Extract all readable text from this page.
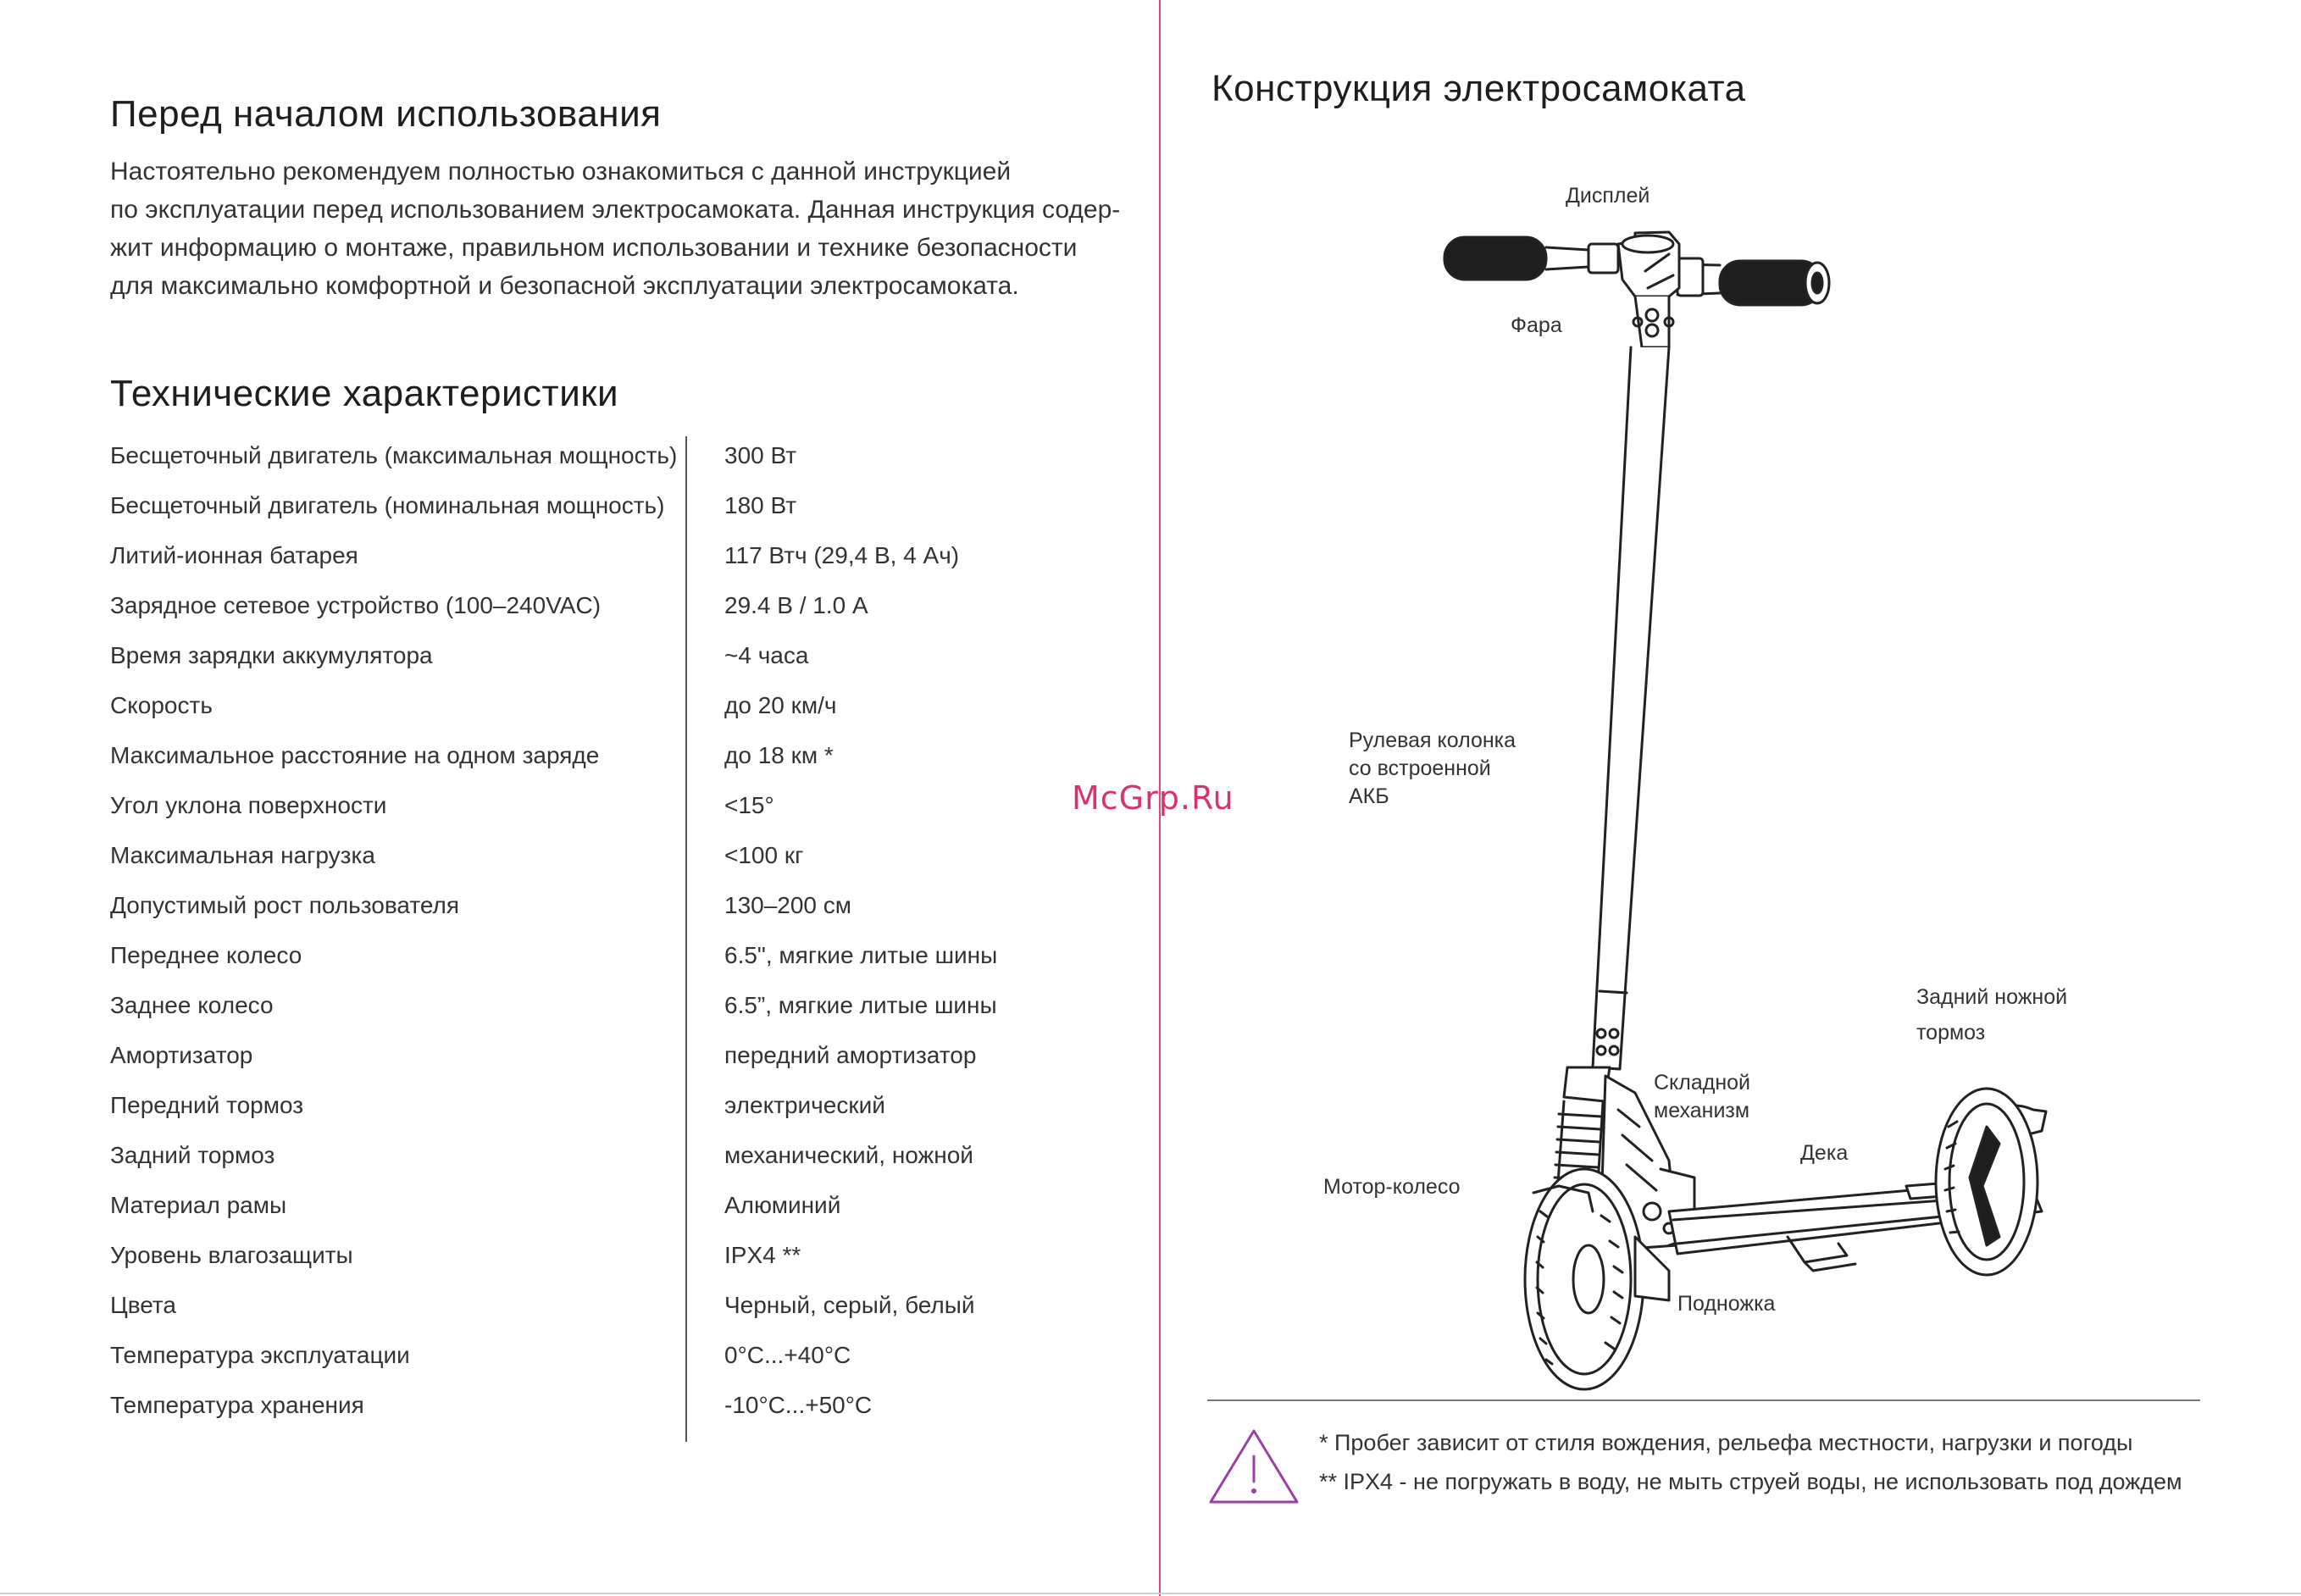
Перед началом использования
Настоятельно рекомендуем полностью ознакомиться с данной инструкцией
по эксплуатации перед использованием электросамоката. Данная инструкция содер-
жит информацию о монтаже, правильном использовании и технике безопасности
для максимально комфортной и безопасной эксплуатации электросамоката.
Технические характеристики
Бесщеточный двигатель (максимальная мощность) 300 Вт
Бесщеточный двигатель (номинальная мощность)	180 Вт
Литий-ионная батарея	117 Втч (29,4 В, 4 Ач)
Зарядное сетевое устройство (100–240VAC)	29.4 В / 1.0 А
Время зарядки аккумулятора	~4 часа
Скорость	до 20 км/ч
Максимальное расстояние на одном заряде	до 18 км *
Угол уклона поверхности	<15°
Максимальная нагрузка	<100 кг
Допустимый рост пользователя	130–200 см
Переднее колесо	6.5", мягкие литые шины
Заднее колесо	6.5”, мягкие литые шины
Амортизатор	передний амортизатор
Передний тормоз	электрический
Задний тормоз	механический, ножной
Материал рамы	Алюминий
Уровень влагозащиты	IPX4 **
Цвета	Черный, серый, белый
Температура эксплуатации	0°C...+40°C
Температура хранения	-10°C...+50°C
McGrp.Ru
Конструкция электросамоката
Дисплей
Фара
Рулевая колонка
со встроенной
АКБ
Задний ножной
тормоз
Складной
механизм
Дека
Мотор-колесо
Подножка
* Пробег зависит от стиля вождения, рельефа местности, нагрузки и погоды
** IPX4 - не погружать в воду, не мыть струей воды, не использовать под дождем
